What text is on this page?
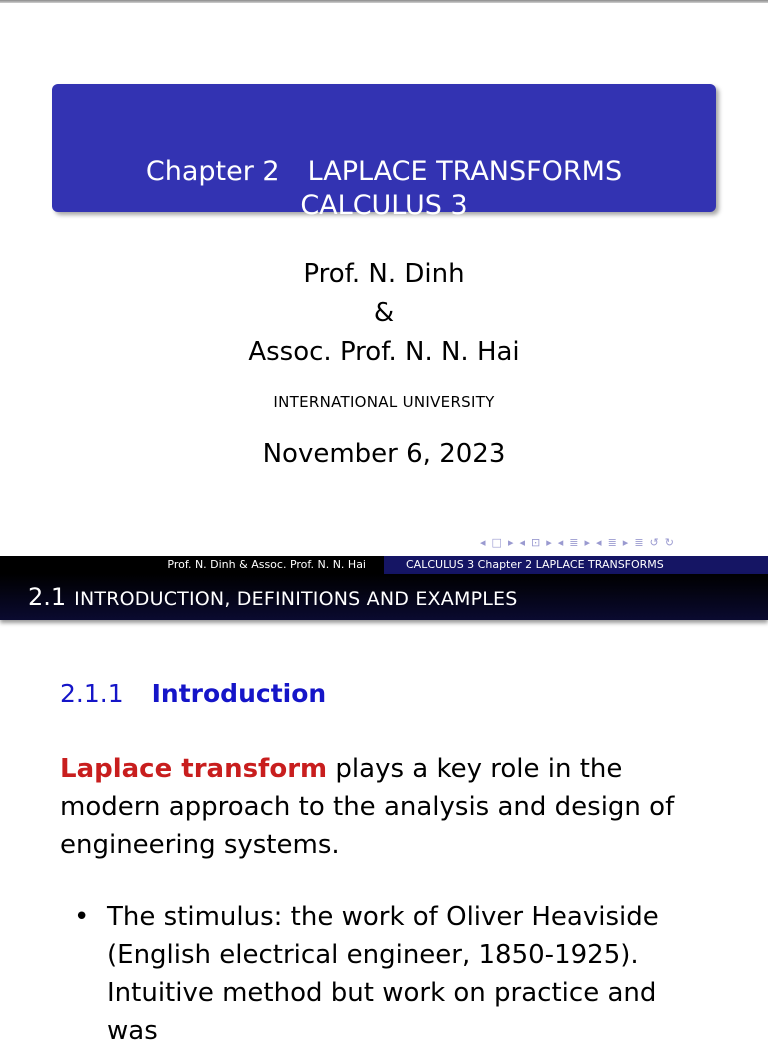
CALCULUS 3
Chapter 2 LAPLACE TRANSFORMS
Prof. N. Dinh
&
Assoc. Prof. N. N. Hai
INTERNATIONAL UNIVERSITY
November 6, 2023
◂ □ ▸ ◂ ⊡ ▸ ◂ ≣ ▸ ◂ ≣ ▸ ≣ ↺ ↻
Prof. N. Dinh & Assoc. Prof. N. N. Hai	CALCULUS 3 Chapter 2 LAPLACE TRANSFORMS
2.1 INTRODUCTION, DEFINITIONS AND EXAMPLES
2.1.1 Introduction
Laplace transform plays a key role in the modern approach to the analysis and design of engineering systems.
• The stimulus: the work of Oliver Heaviside (English electrical engineer, 1850-1925). Intuitive method but work on practice and was
